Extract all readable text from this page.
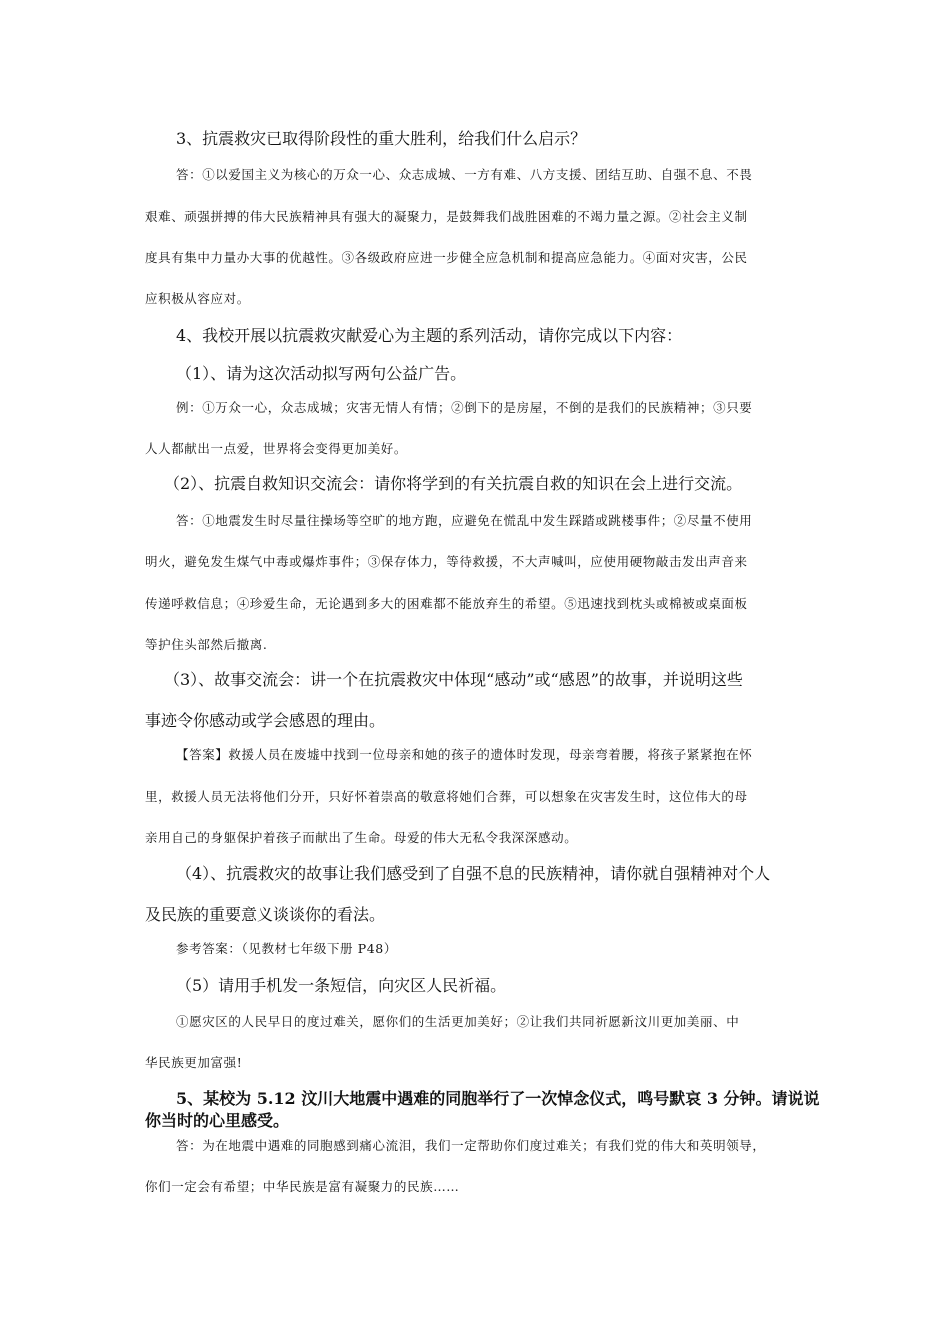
3、抗震救灾已取得阶段性的重大胜利，给我们什么启示？
答：①以爱国主义为核心的万众一心、众志成城、一方有难、八方支援、团结互助、自强不息、不畏
艰难、顽强拼搏的伟大民族精神具有强大的凝聚力，是鼓舞我们战胜困难的不竭力量之源。②社会主义制
度具有集中力量办大事的优越性。③各级政府应进一步健全应急机制和提高应急能力。④面对灾害，公民
应积极从容应对。
4、我校开展以抗震救灾献爱心为主题的系列活动，请你完成以下内容：
（1）、请为这次活动拟写两句公益广告。
例：①万众一心，众志成城；灾害无情人有情；②倒下的是房屋，不倒的是我们的民族精神；③只要
人人都献出一点爱，世界将会变得更加美好。
（2）、抗震自救知识交流会：请你将学到的有关抗震自救的知识在会上进行交流。
答：①地震发生时尽量往操场等空旷的地方跑，应避免在慌乱中发生踩踏或跳楼事件；②尽量不使用
明火，避免发生煤气中毒或爆炸事件；③保存体力，等待救援，不大声喊叫，应使用硬物敲击发出声音来
传递呼救信息；④珍爱生命，无论遇到多大的困难都不能放弃生的希望。⑤迅速找到枕头或棉被或桌面板
等护住头部然后撤离.
（3）、故事交流会：讲一个在抗震救灾中体现“感动”或“感恩”的故事，并说明这些
事迹令你感动或学会感恩的理由。
【答案】救援人员在废墟中找到一位母亲和她的孩子的遗体时发现，母亲弯着腰，将孩子紧紧抱在怀
里，救援人员无法将他们分开，只好怀着崇高的敬意将她们合葬，可以想象在灾害发生时，这位伟大的母
亲用自己的身躯保护着孩子而献出了生命。母爱的伟大无私令我深深感动。
（4）、抗震救灾的故事让我们感受到了自强不息的民族精神，请你就自强精神对个人
及民族的重要意义谈谈你的看法。
参考答案：（见教材七年级下册 P48）
（5）请用手机发一条短信，向灾区人民祈福。
①愿灾区的人民早日的度过难关，愿你们的生活更加美好；②让我们共同祈愿新汶川更加美丽、中
华民族更加富强!
5、某校为 5.12 汶川大地震中遇难的同胞举行了一次悼念仪式，鸣号默哀 3 分钟。请说说
你当时的心里感受。
答：为在地震中遇难的同胞感到痛心流泪，我们一定帮助你们度过难关；有我们党的伟大和英明领导，
你们一定会有希望；中华民族是富有凝聚力的民族……
